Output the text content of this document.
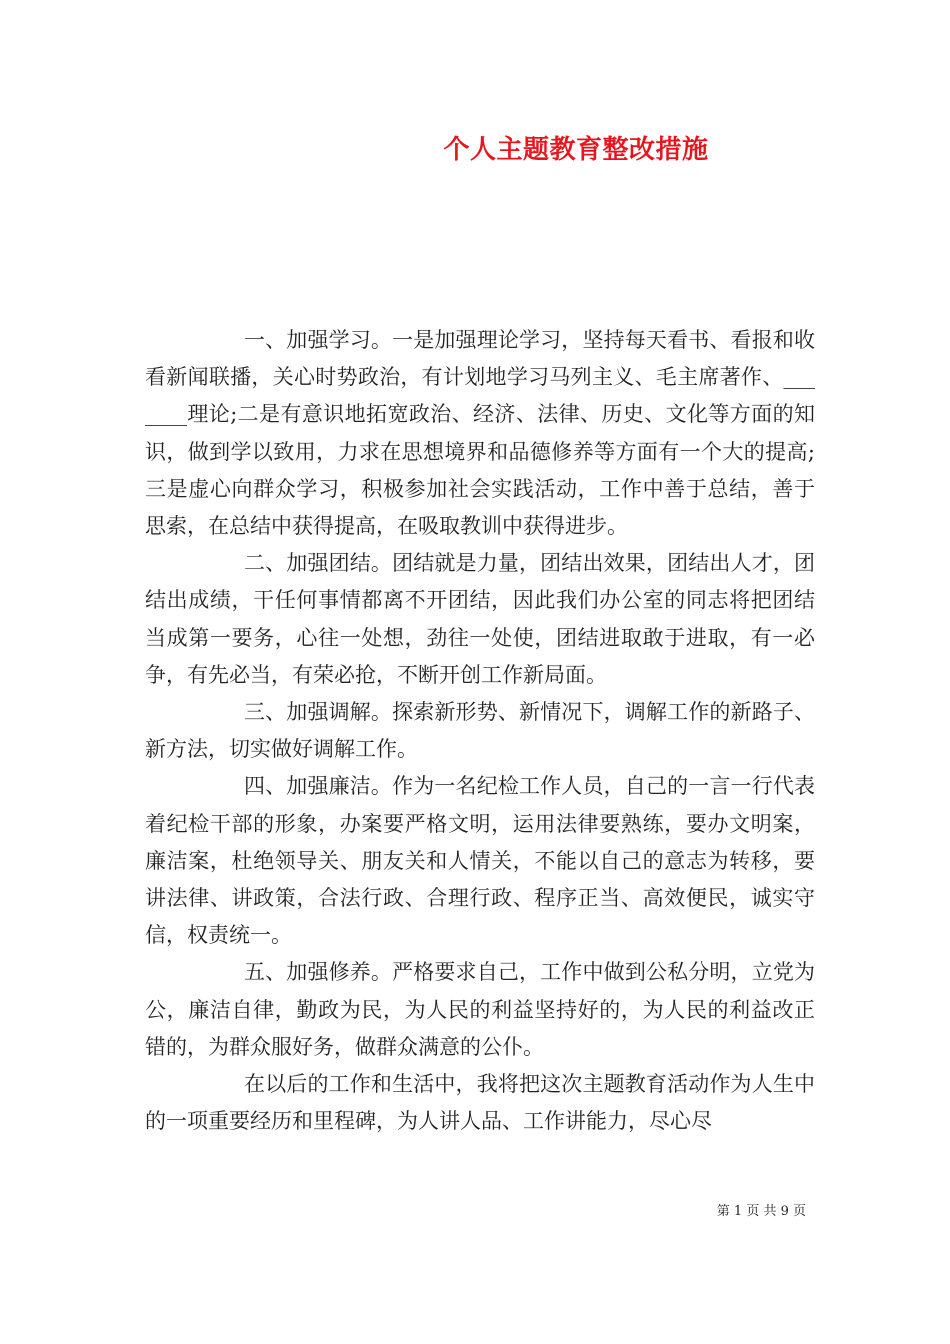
个人主题教育整改措施

一、加强学习。一是加强理论学习，坚持每天看书、看报和收看新闻联播，关心时势政治，有计划地学习马列主义、毛主席著作、_______理论;二是有意识地拓宽政治、经济、法律、历史、文化等方面的知识，做到学以致用，力求在思想境界和品德修养等方面有一个大的提高;三是虚心向群众学习，积极参加社会实践活动，工作中善于总结，善于思索，在总结中获得提高，在吸取教训中获得进步。

二、加强团结。团结就是力量，团结出效果，团结出人才，团结出成绩，干任何事情都离不开团结，因此我们办公室的同志将把团结当成第一要务，心往一处想，劲往一处使，团结进取敢于进取，有一必争，有先必当，有荣必抢，不断开创工作新局面。

三、加强调解。探索新形势、新情况下，调解工作的新路子、新方法，切实做好调解工作。

四、加强廉洁。作为一名纪检工作人员，自己的一言一行代表着纪检干部的形象，办案要严格文明，运用法律要熟练，要办文明案，廉洁案，杜绝领导关、朋友关和人情关，不能以自己的意志为转移，要讲法律、讲政策，合法行政、合理行政、程序正当、高效便民，诚实守信，权责统一。

五、加强修养。严格要求自己，工作中做到公私分明，立党为公，廉洁自律，勤政为民，为人民的利益坚持好的，为人民的利益改正错的，为群众服好务，做群众满意的公仆。

在以后的工作和生活中，我将把这次主题教育活动作为人生中的一项重要经历和里程碑，为人讲人品、工作讲能力，尽心尽

第 1 页 共 9 页
